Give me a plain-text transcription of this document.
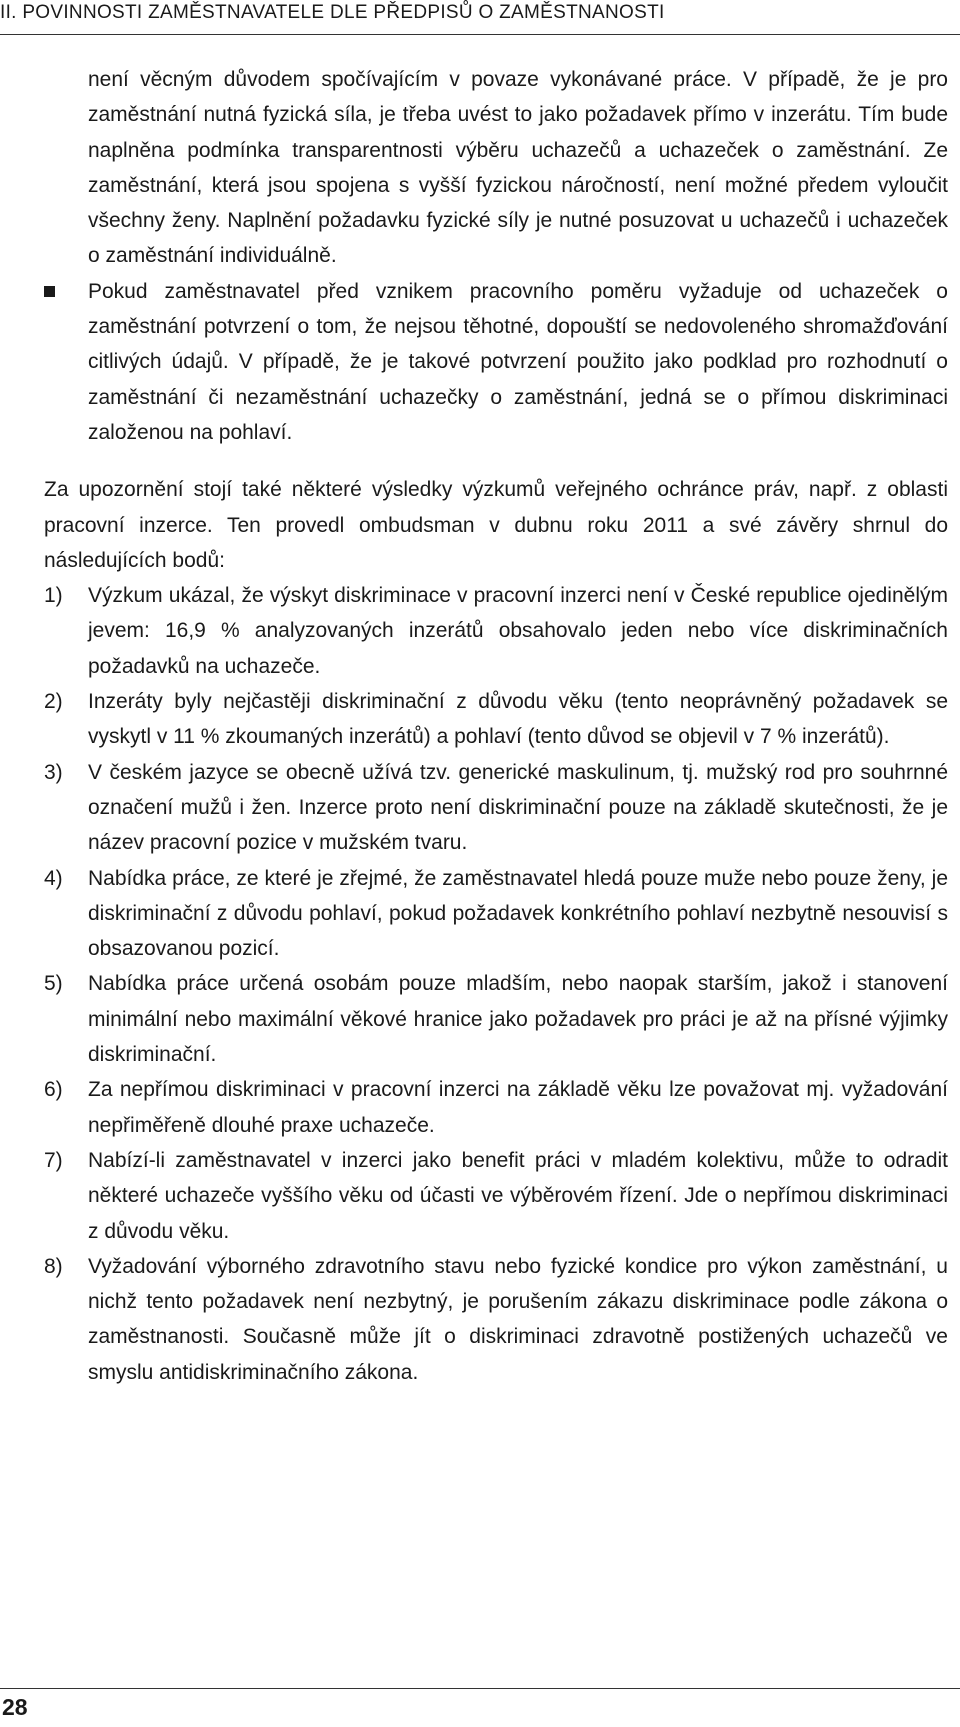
II. POVINNOSTI ZAMĚSTNAVATELE DLE PŘEDPISŮ O ZAMĚSTNANOSTI

není věcným důvodem spočívajícím v povaze vykonávané práce. V případě, že je pro zaměstnání nutná fyzická síla, je třeba uvést to jako požadavek přímo v inzerátu. Tím bude naplněna podmínka transparentnosti výběru uchazečů a uchazeček o zaměstnání. Ze zaměstnání, která jsou spojena s vyšší fyzickou náročností, není možné předem vyloučit všechny ženy. Naplnění požadavku fyzické síly je nutné posuzovat u uchazečů i uchazeček o zaměstnání individuálně.

Pokud zaměstnavatel před vznikem pracovního poměru vyžaduje od uchazeček o zaměstnání potvrzení o tom, že nejsou těhotné, dopouští se nedovoleného shromažďování citlivých údajů. V případě, že je takové potvrzení použito jako podklad pro rozhodnutí o zaměstnání či nezaměstnání uchazečky o zaměstnání, jedná se o přímou diskriminaci založenou na pohlaví.

Za upozornění stojí také některé výsledky výzkumů veřejného ochránce práv, např. z oblasti pracovní inzerce. Ten provedl ombudsman v dubnu roku 2011 a své závěry shrnul do následujících bodů:

1) Výzkum ukázal, že výskyt diskriminace v pracovní inzerci není v České republice ojedinělým jevem: 16,9 % analyzovaných inzerátů obsahovalo jeden nebo více diskriminačních požadavků na uchazeče.
2) Inzeráty byly nejčastěji diskriminační z důvodu věku (tento neoprávněný požadavek se vyskytl v 11 % zkoumaných inzerátů) a pohlaví (tento důvod se objevil v 7 % inzerátů).
3) V českém jazyce se obecně užívá tzv. generické maskulinum, tj. mužský rod pro souhrnné označení mužů i žen. Inzerce proto není diskriminační pouze na základě skutečnosti, že je název pracovní pozice v mužském tvaru.
4) Nabídka práce, ze které je zřejmé, že zaměstnavatel hledá pouze muže nebo pouze ženy, je diskriminační z důvodu pohlaví, pokud požadavek konkrétního pohlaví nezbytně nesouvisí s obsazovanou pozicí.
5) Nabídka práce určená osobám pouze mladším, nebo naopak starším, jakož i stanovení minimální nebo maximální věkové hranice jako požadavek pro práci je až na přísné výjimky diskriminační.
6) Za nepřímou diskriminaci v pracovní inzerci na základě věku lze považovat mj. vyžadování nepřiměřeně dlouhé praxe uchazeče.
7) Nabízí-li zaměstnavatel v inzerci jako benefit práci v mladém kolektivu, může to odradit některé uchazeče vyššího věku od účasti ve výběrovém řízení. Jde o nepřímou diskriminaci z důvodu věku.
8) Vyžadování výborného zdravotního stavu nebo fyzické kondice pro výkon zaměstnání, u nichž tento požadavek není nezbytný, je porušením zákazu diskriminace podle zákona o zaměstnanosti. Současně může jít o diskriminaci zdravotně postižených uchazečů ve smyslu antidiskriminačního zákona.
28
